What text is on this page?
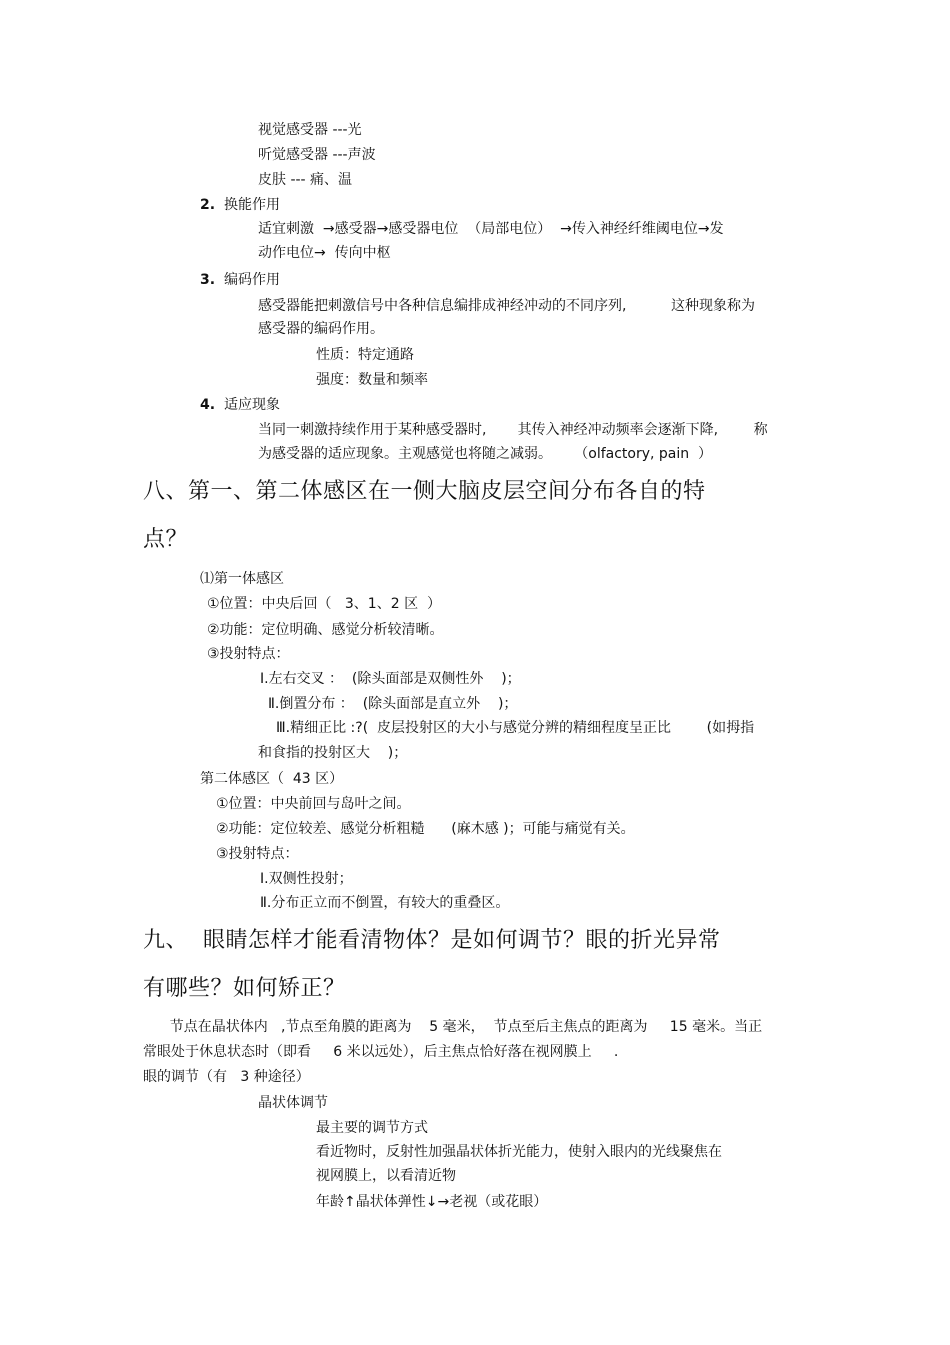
视觉感受器 ---光
听觉感受器 ---声波
皮肤 --- 痛、温
2. 换能作用
适宜刺激  →感受器→感受器电位  （局部电位）  →传入神经纤维阈电位→发
动作电位→  传向中枢
3. 编码作用
感受器能把刺激信号中各种信息编排成神经冲动的不同序列,          这种现象称为
感受器的编码作用。
性质：特定通路
强度：数量和频率
4. 适应现象
当同一刺激持续作用于某种感受器时,       其传入神经冲动频率会逐渐下降,        称
为感受器的适应现象。主观感觉也将随之减弱。     （olfactory, pain  ）
八、第一、第二体感区在一侧大脑皮层空间分布各自的特
点？
⑴第一体感区
①位置：中央后回（   3、1、2 区  ）
②功能：定位明确、感觉分析较清晰。
③投射特点：
Ⅰ.左右交叉 ：  (除头面部是双侧性外    )；
Ⅱ.倒置分布 ：  (除头面部是直立外    )；
Ⅲ.精细正比 :?(  皮层投射区的大小与感觉分辨的精细程度呈正比        (如拇指
和食指的投射区大    )；
第二体感区（  43 区）
①位置：中央前回与岛叶之间。
②功能：定位较差、感觉分析粗糙      (麻木感 )；可能与痛觉有关。
③投射特点：
Ⅰ.双侧性投射；
Ⅱ.分布正立而不倒置，有较大的重叠区。
九、  眼睛怎样才能看清物体？是如何调节？眼的折光异常
有哪些？如何矫正？
节点在晶状体内   ,节点至角膜的距离为    5 毫米，  节点至后主焦点的距离为     15 毫米。当正
常眼处于休息状态时（即看     6 米以远处），后主焦点恰好落在视网膜上     .
眼的调节（有   3 种途径）
晶状体调节
最主要的调节方式
看近物时，反射性加强晶状体折光能力，使射入眼内的光线聚焦在
视网膜上，以看清近物
年龄↑晶状体弹性↓→老视（或花眼）
